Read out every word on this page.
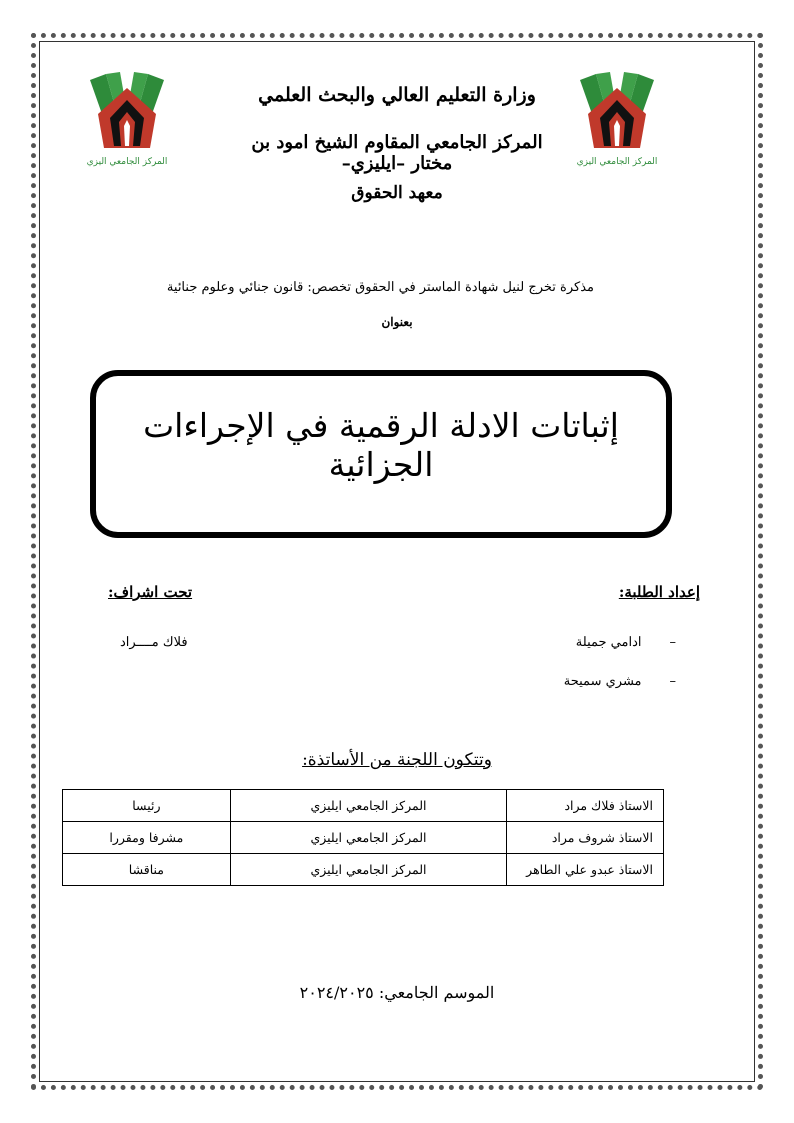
المركز الجامعي اليزي	المركز الجامعي اليزي
وزارة التعليم العالي والبحث العلمي
المركز الجامعي المقاوم الشيخ امود بن مختار –ايليزي–
معهد الحقوق
مذكرة تخرج لنيل شهادة الماستر في الحقوق تخصص: قانون جنائي وعلوم جنائية
بعنوان
إثباتات الادلة الرقمية في الإجراءات الجزائية
إعداد الطلبة:
تحت اشراف:
–ادامي جميلة
–مشري سميحة
فلاك مــــراد
وتتكون اللجنة من الأساتذة:
الاستاذ فلاك مراد	المركز الجامعي ايليزي	رئيسا
الاستاذ شروف مراد	المركز الجامعي ايليزي	مشرفا ومقررا
الاستاذ عبدو علي الطاهر	المركز الجامعي ايليزي	مناقشا
الموسم الجامعي: ٢٠٢٤/٢٠٢٥
